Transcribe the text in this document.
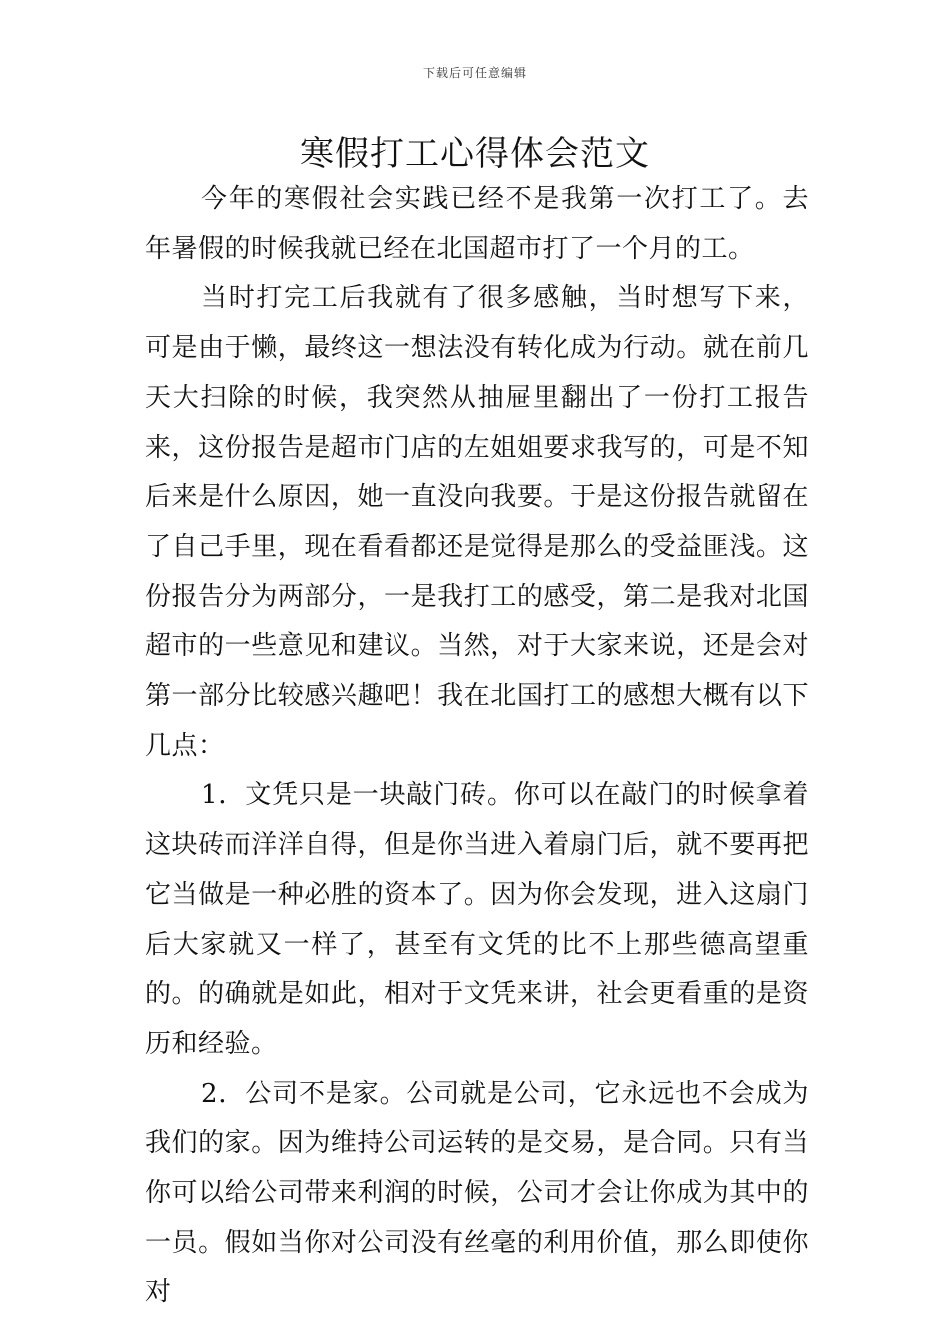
下载后可任意编辑
寒假打工心得体会范文

今年的寒假社会实践已经不是我第一次打工了。去年暑假的时候我就已经在北国超市打了一个月的工。

当时打完工后我就有了很多感触，当时想写下来，可是由于懒，最终这一想法没有转化成为行动。就在前几天大扫除的时候，我突然从抽屉里翻出了一份打工报告来，这份报告是超市门店的左姐姐要求我写的，可是不知后来是什么原因，她一直没向我要。于是这份报告就留在了自己手里，现在看看都还是觉得是那么的受益匪浅。这份报告分为两部分，一是我打工的感受，第二是我对北国超市的一些意见和建议。当然，对于大家来说，还是会对第一部分比较感兴趣吧！我在北国打工的感想大概有以下几点：

1．文凭只是一块敲门砖。你可以在敲门的时候拿着这块砖而洋洋自得，但是你当进入着扇门后，就不要再把它当做是一种必胜的资本了。因为你会发现，进入这扇门后大家就又一样了，甚至有文凭的比不上那些德高望重的。的确就是如此，相对于文凭来讲，社会更看重的是资历和经验。

2．公司不是家。公司就是公司，它永远也不会成为我们的家。因为维持公司运转的是交易，是合同。只有当你可以给公司带来利润的时候，公司才会让你成为其中的一员。假如当你对公司没有丝毫的利用价值，那么即使你对
